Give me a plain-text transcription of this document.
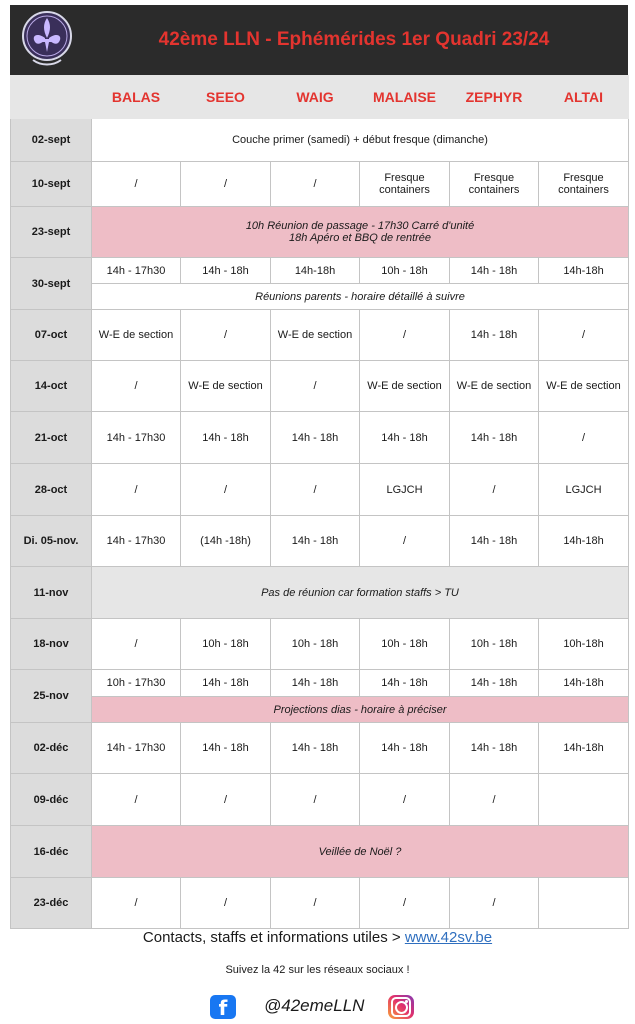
42ème LLN - Ephémérides 1er Quadri 23/24
	BALAS	SEEO	WAIG	MALAISE	ZEPHYR	ALTAI
02-sept	Couche primer (samedi) + début fresque (dimanche)					

10-sept	/	/	/	Fresque containers	Fresque containers	Fresque containers
23-sept	10h Réunion de passage - 17h30 Carré d'unité
18h Apéro et BBQ de rentrée					

30-sept	14h - 17h30	14h - 18h	14h-18h	10h - 18h	14h - 18h	14h-18h
	Réunions parents - horaire détaillé à suivre					
07-oct	W-E de section	/	W-E de section	/	14h - 18h	/
14-oct	/	W-E de section	/	W-E de section	W-E de section	W-E de section
21-oct	14h - 17h30	14h - 18h	14h - 18h	14h - 18h	14h - 18h	/
28-oct	/	/	/	LGJCH	/	LGJCH
Di. 05-nov.	14h - 17h30	(14h -18h)	14h - 18h	/	14h - 18h	14h-18h
11-nov	Pas de réunion car formation staffs > TU					

18-nov	/	10h - 18h	10h - 18h	10h - 18h	10h - 18h	10h-18h
25-nov	10h - 17h30	14h - 18h	14h - 18h	14h - 18h	14h - 18h	14h-18h
	Projections dias - horaire à préciser					
02-déc	14h - 17h30	14h - 18h	14h - 18h	14h - 18h	14h - 18h	14h-18h
09-déc	/	/	/	/	/	
16-déc	Veillée de Noël ?					

23-déc	/	/	/	/	/	
Contacts, staffs et informations utiles > www.42sv.be
Suivez la 42 sur les réseaux sociaux !
f	@42emeLLN
